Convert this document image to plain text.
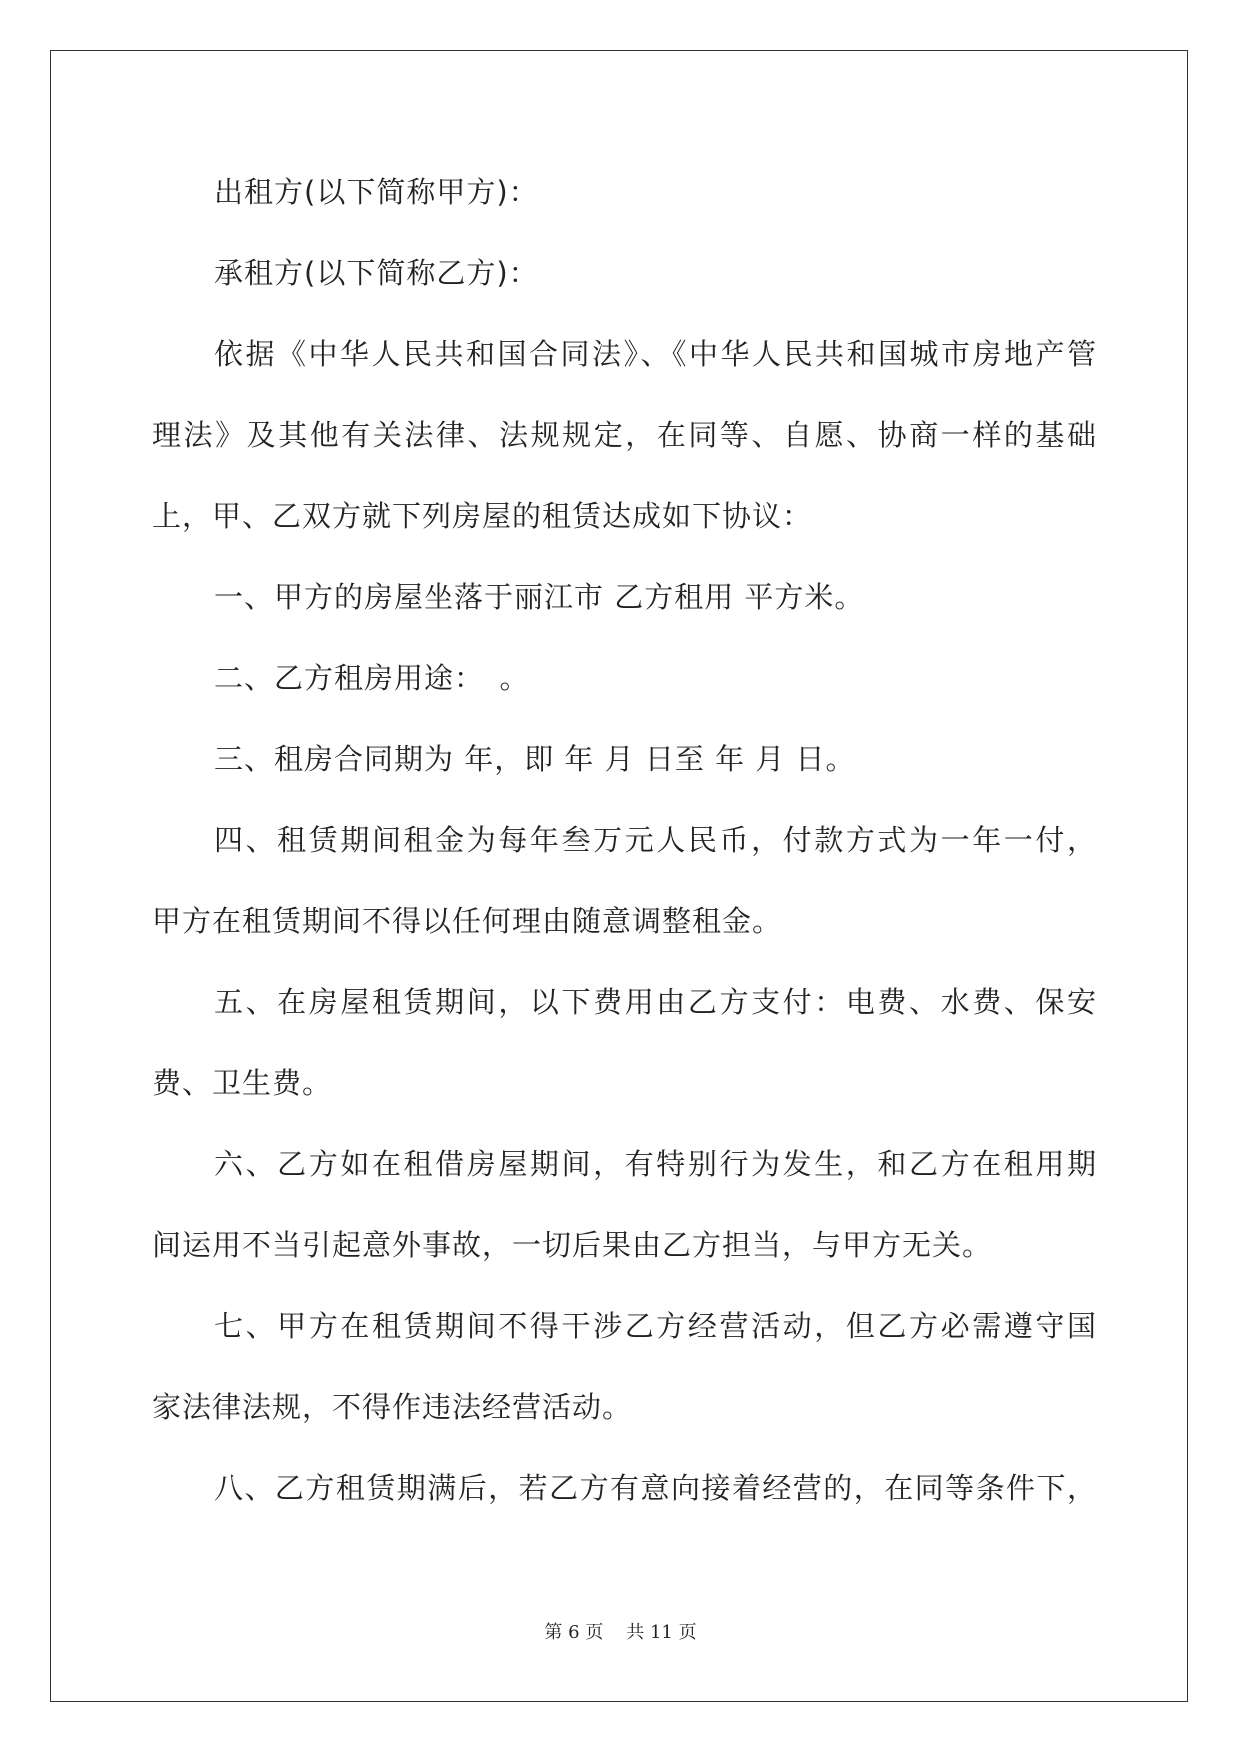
出租方(以下简称甲方)：
承租方(以下简称乙方)：
依据《中华人民共和国合同法》、《中华人民共和国城市房地产管
理法》及其他有关法律、法规规定，在同等、自愿、协商一样的基础
上，甲、乙双方就下列房屋的租赁达成如下协议：
一、甲方的房屋坐落于丽江市 乙方租用 平方米。
二、乙方租房用途：　。
三、租房合同期为 年，即 年 月 日至 年 月 日。
四、租赁期间租金为每年叁万元人民币，付款方式为一年一付，
甲方在租赁期间不得以任何理由随意调整租金。
五、在房屋租赁期间，以下费用由乙方支付：电费、水费、保安
费、卫生费。
六、乙方如在租借房屋期间，有特别行为发生，和乙方在租用期
间运用不当引起意外事故，一切后果由乙方担当，与甲方无关。
七、甲方在租赁期间不得干涉乙方经营活动，但乙方必需遵守国
家法律法规，不得作违法经营活动。
八、乙方租赁期满后，若乙方有意向接着经营的，在同等条件下，
第 6 页 共 11 页
